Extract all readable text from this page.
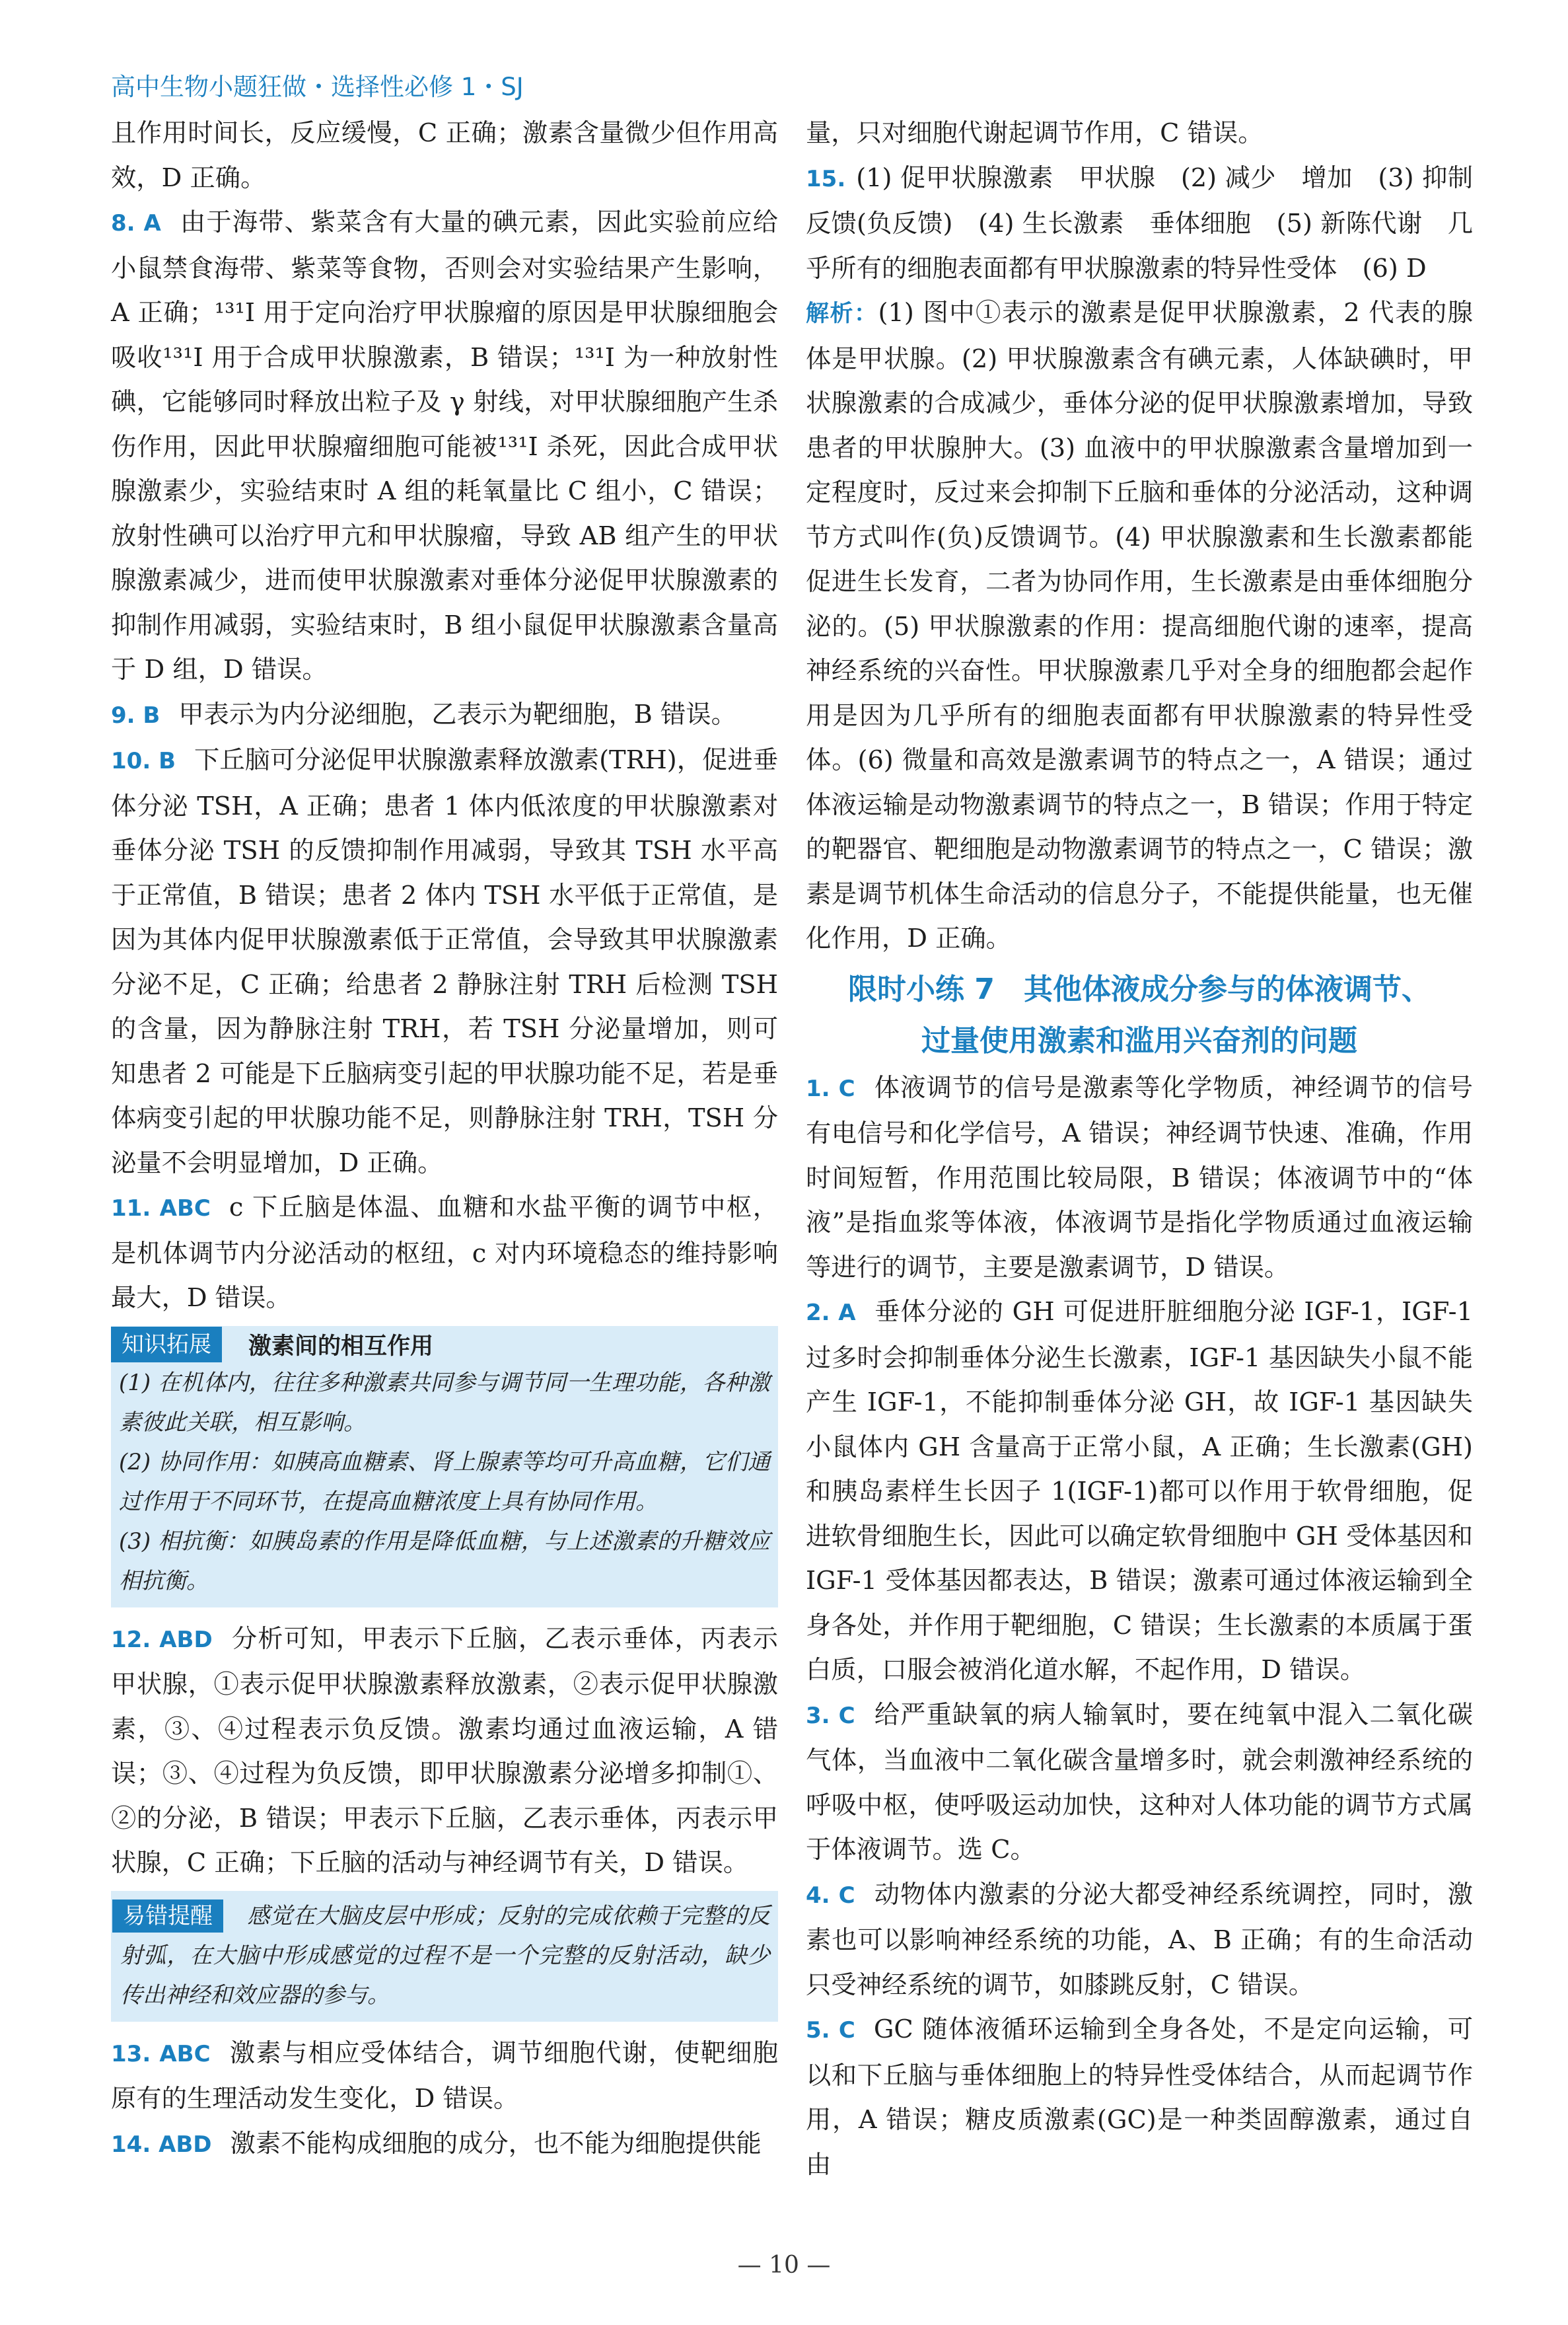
高中生物小题狂做・选择性必修 1・SJ

且作用时间长，反应缓慢，C 正确；激素含量微少但作用高效，D 正确。

8. A 由于海带、紫菜含有大量的碘元素，因此实验前应给小鼠禁食海带、紫菜等食物，否则会对实验结果产生影响，A 正确；¹³¹I 用于定向治疗甲状腺瘤的原因是甲状腺细胞会吸收¹³¹I 用于合成甲状腺激素，B 错误；¹³¹I 为一种放射性碘，它能够同时释放出粒子及 γ 射线，对甲状腺细胞产生杀伤作用，因此甲状腺瘤细胞可能被¹³¹I 杀死，因此合成甲状腺激素少，实验结束时 A 组的耗氧量比 C 组小，C 错误；放射性碘可以治疗甲亢和甲状腺瘤，导致 AB 组产生的甲状腺激素减少，进而使甲状腺激素对垂体分泌促甲状腺激素的抑制作用减弱，实验结束时，B 组小鼠促甲状腺激素含量高于 D 组，D 错误。

9. B 甲表示为内分泌细胞，乙表示为靶细胞，B 错误。

10. B 下丘脑可分泌促甲状腺激素释放激素(TRH)，促进垂体分泌 TSH，A 正确；患者 1 体内低浓度的甲状腺激素对垂体分泌 TSH 的反馈抑制作用减弱，导致其 TSH 水平高于正常值，B 错误；患者 2 体内 TSH 水平低于正常值，是因为其体内促甲状腺激素低于正常值，会导致其甲状腺激素分泌不足，C 正确；给患者 2 静脉注射 TRH 后检测 TSH 的含量，因为静脉注射 TRH，若 TSH 分泌量增加，则可知患者 2 可能是下丘脑病变引起的甲状腺功能不足，若是垂体病变引起的甲状腺功能不足，则静脉注射 TRH，TSH 分泌量不会明显增加，D 正确。

11. ABC c 下丘脑是体温、血糖和水盐平衡的调节中枢，是机体调节内分泌活动的枢纽，c 对内环境稳态的维持影响最大，D 错误。

知识拓展	激素间的相互作用

(1) 在机体内，往往多种激素共同参与调节同一生理功能，各种激素彼此关联，相互影响。

(2) 协同作用：如胰高血糖素、肾上腺素等均可升高血糖，它们通过作用于不同环节，在提高血糖浓度上具有协同作用。

(3) 相抗衡：如胰岛素的作用是降低血糖，与上述激素的升糖效应相抗衡。

12. ABD 分析可知，甲表示下丘脑，乙表示垂体，丙表示甲状腺，①表示促甲状腺激素释放激素，②表示促甲状腺激素，③、④过程表示负反馈。激素均通过血液运输，A 错误；③、④过程为负反馈，即甲状腺激素分泌增多抑制①、②的分泌，B 错误；甲表示下丘脑，乙表示垂体，丙表示甲状腺，C 正确；下丘脑的活动与神经调节有关，D 错误。

易错提醒 感觉在大脑皮层中形成；反射的完成依赖于完整的反射弧，在大脑中形成感觉的过程不是一个完整的反射活动，缺少传出神经和效应器的参与。

13. ABC 激素与相应受体结合，调节细胞代谢，使靶细胞原有的生理活动发生变化，D 错误。

14. ABD 激素不能构成细胞的成分，也不能为细胞提供能

量，只对细胞代谢起调节作用，C 错误。

15. (1) 促甲状腺激素　甲状腺　(2) 减少　增加　(3) 抑制　反馈(负反馈)　(4) 生长激素　垂体细胞　(5) 新陈代谢　几乎所有的细胞表面都有甲状腺激素的特异性受体　(6) D

解析：(1) 图中①表示的激素是促甲状腺激素，2 代表的腺体是甲状腺。(2) 甲状腺激素含有碘元素，人体缺碘时，甲状腺激素的合成减少，垂体分泌的促甲状腺激素增加，导致患者的甲状腺肿大。(3) 血液中的甲状腺激素含量增加到一定程度时，反过来会抑制下丘脑和垂体的分泌活动，这种调节方式叫作(负)反馈调节。(4) 甲状腺激素和生长激素都能促进生长发育，二者为协同作用，生长激素是由垂体细胞分泌的。(5) 甲状腺激素的作用：提高细胞代谢的速率，提高神经系统的兴奋性。甲状腺激素几乎对全身的细胞都会起作用是因为几乎所有的细胞表面都有甲状腺激素的特异性受体。(6) 微量和高效是激素调节的特点之一，A 错误；通过体液运输是动物激素调节的特点之一，B 错误；作用于特定的靶器官、靶细胞是动物激素调节的特点之一，C 错误；激素是调节机体生命活动的信息分子，不能提供能量，也无催化作用，D 正确。

限时小练 7　其他体液成分参与的体液调节、
过量使用激素和滥用兴奋剂的问题

1. C 体液调节的信号是激素等化学物质，神经调节的信号有电信号和化学信号，A 错误；神经调节快速、准确，作用时间短暂，作用范围比较局限，B 错误；体液调节中的“体液”是指血浆等体液，体液调节是指化学物质通过血液运输等进行的调节，主要是激素调节，D 错误。

2. A 垂体分泌的 GH 可促进肝脏细胞分泌 IGF-1，IGF-1 过多时会抑制垂体分泌生长激素，IGF-1 基因缺失小鼠不能产生 IGF-1，不能抑制垂体分泌 GH，故 IGF-1 基因缺失小鼠体内 GH 含量高于正常小鼠，A 正确；生长激素(GH)和胰岛素样生长因子 1(IGF-1)都可以作用于软骨细胞，促进软骨细胞生长，因此可以确定软骨细胞中 GH 受体基因和 IGF-1 受体基因都表达，B 错误；激素可通过体液运输到全身各处，并作用于靶细胞，C 错误；生长激素的本质属于蛋白质，口服会被消化道水解，不起作用，D 错误。

3. C 给严重缺氧的病人输氧时，要在纯氧中混入二氧化碳气体，当血液中二氧化碳含量增多时，就会刺激神经系统的呼吸中枢，使呼吸运动加快，这种对人体功能的调节方式属于体液调节。选 C。

4. C 动物体内激素的分泌大都受神经系统调控，同时，激素也可以影响神经系统的功能，A、B 正确；有的生命活动只受神经系统的调节，如膝跳反射，C 错误。

5. C GC 随体液循环运输到全身各处，不是定向运输，可以和下丘脑与垂体细胞上的特异性受体结合，从而起调节作用，A 错误；糖皮质激素(GC)是一种类固醇激素，通过自由

— 10 —
